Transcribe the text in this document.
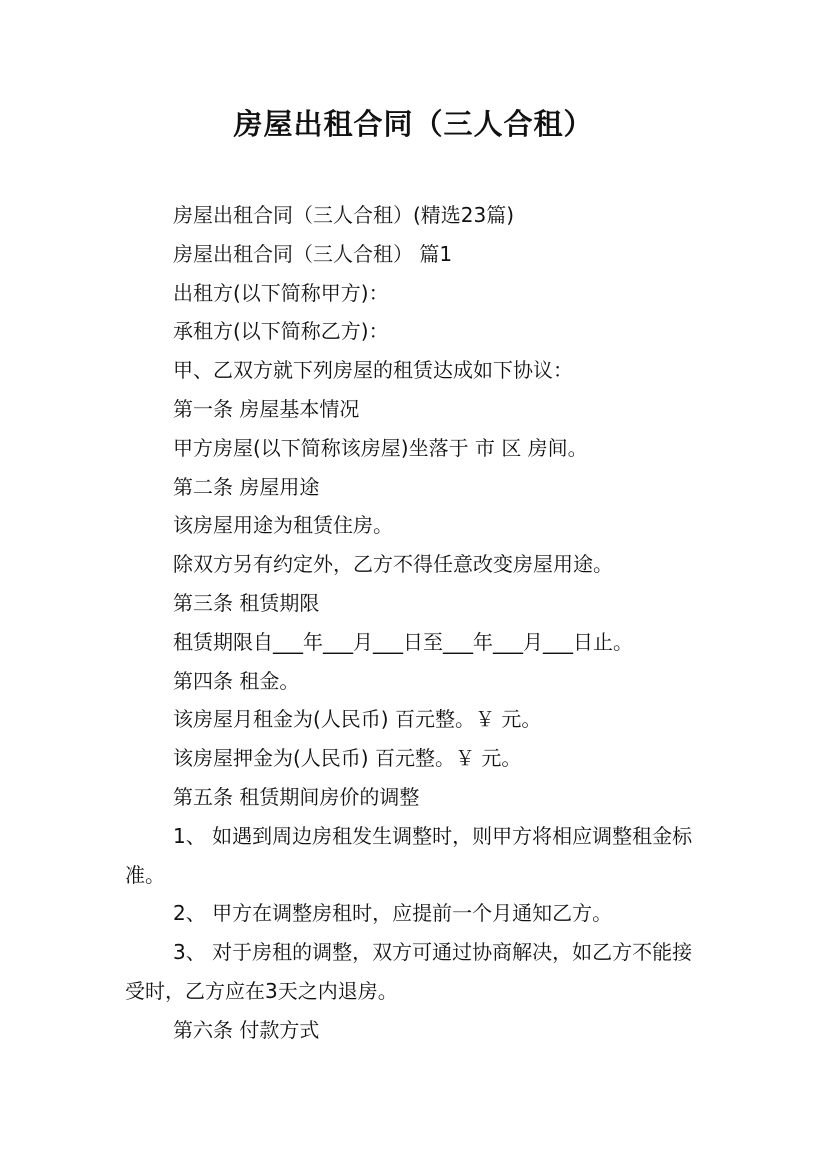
房屋出租合同（三人合租）

房屋出租合同（三人合租）(精选23篇)

房屋出租合同（三人合租） 篇1

出租方(以下简称甲方)：

承租方(以下简称乙方)：

甲、乙双方就下列房屋的租赁达成如下协议：

第一条 房屋基本情况

甲方房屋(以下简称该房屋)坐落于 市 区 房间。

第二条 房屋用途

该房屋用途为租赁住房。

除双方另有约定外，乙方不得任意改变房屋用途。

第三条 租赁期限

租赁期限自___年___月___日至___年___月___日止。

第四条 租金。

该房屋月租金为(人民币) 百元整。￥ 元。

该房屋押金为(人民币) 百元整。￥ 元。

第五条 租赁期间房价的调整

1、 如遇到周边房租发生调整时，则甲方将相应调整租金标准。

2、 甲方在调整房租时，应提前一个月通知乙方。

3、 对于房租的调整，双方可通过协商解决，如乙方不能接受时，乙方应在3天之内退房。

第六条 付款方式
